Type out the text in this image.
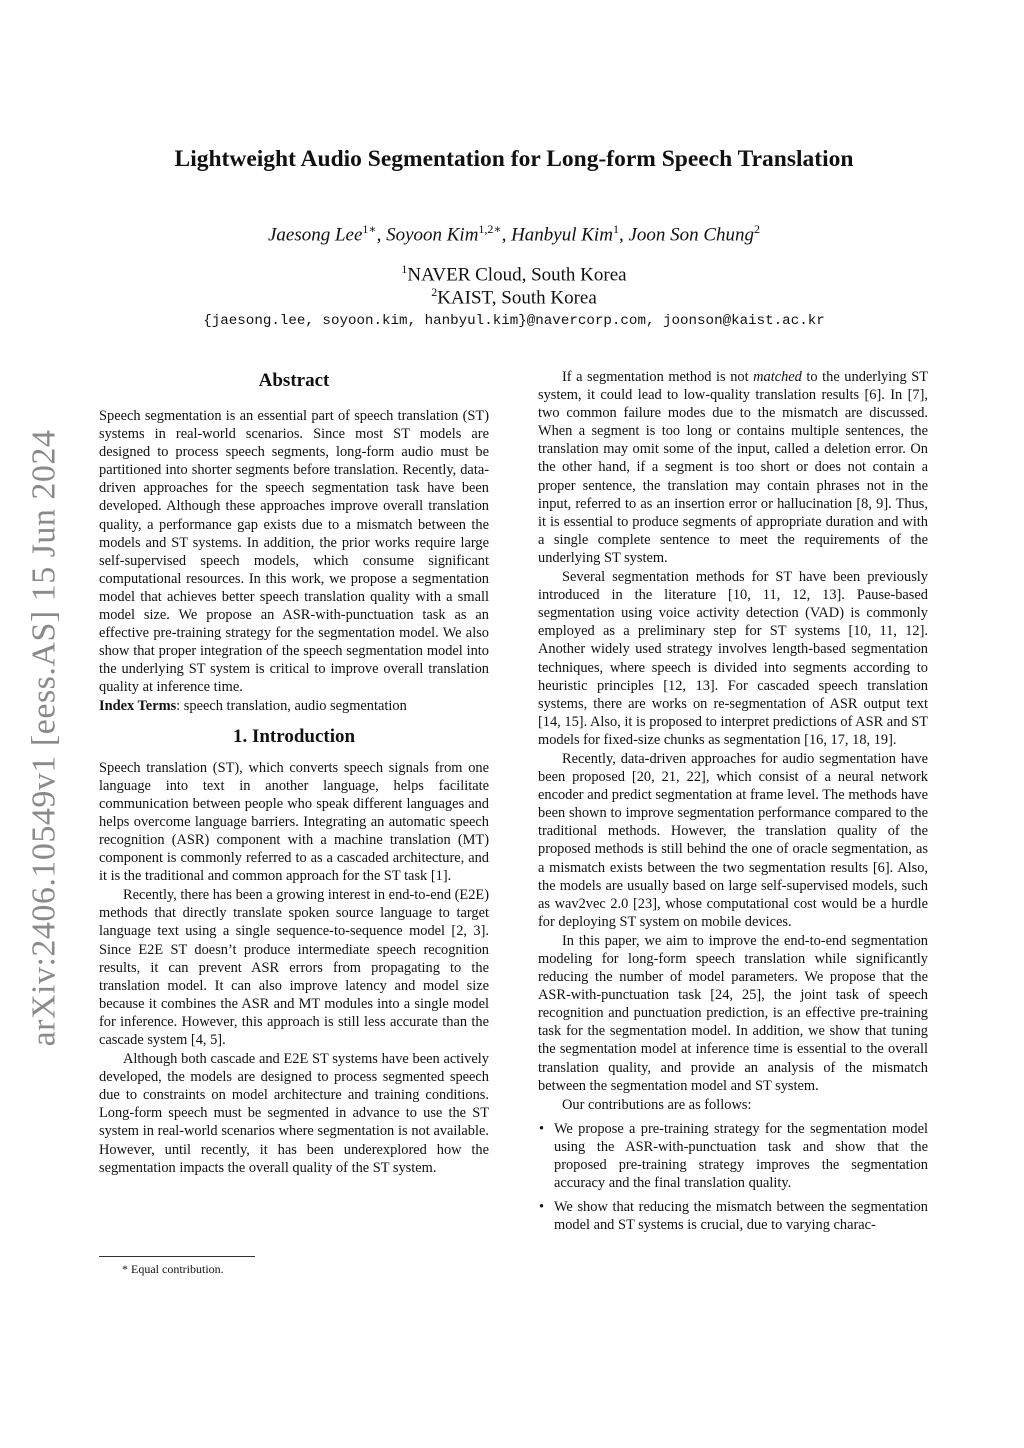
arXiv:2406.10549v1 [eess.AS] 15 Jun 2024
Lightweight Audio Segmentation for Long-form Speech Translation
Jaesong Lee$^{1∗}$, Soyoon Kim$^{1,2∗}$, Hanbyul Kim$^1$, Joon Son Chung$^2$
$^1$NAVER Cloud, South Korea
$^2$KAIST, South Korea
{jaesong.lee, soyoon.kim, hanbyul.kim}@navercorp.com, joonson@kaist.ac.kr
Abstract

Speech segmentation is an essential part of speech translation (ST) systems in real-world scenarios. Since most ST models are designed to process speech segments, long-form audio must be partitioned into shorter segments before translation. Recently, data-driven approaches for the speech segmentation task have been developed. Although these approaches improve overall translation quality, a performance gap exists due to a mismatch between the models and ST systems. In addition, the prior works require large self-supervised speech models, which consume significant computational resources. In this work, we propose a segmentation model that achieves better speech translation quality with a small model size. We propose an ASR-with-punctuation task as an effective pre-training strategy for the segmentation model. We also show that proper integration of the speech segmentation model into the underlying ST system is critical to improve overall translation quality at inference time.

Index Terms: speech translation, audio segmentation

1. Introduction

Speech translation (ST), which converts speech signals from one language into text in another language, helps facilitate communication between people who speak different languages and helps overcome language barriers. Integrating an automatic speech recognition (ASR) component with a machine translation (MT) component is commonly referred to as a cascaded architecture, and it is the traditional and common approach for the ST task [1].

Recently, there has been a growing interest in end-to-end (E2E) methods that directly translate spoken source language to target language text using a single sequence-to-sequence model [2, 3]. Since E2E ST doesn’t produce intermediate speech recognition results, it can prevent ASR errors from propagating to the translation model. It can also improve latency and model size because it combines the ASR and MT modules into a single model for inference. However, this approach is still less accurate than the cascade system [4, 5].

Although both cascade and E2E ST systems have been actively developed, the models are designed to process segmented speech due to constraints on model architecture and training conditions. Long-form speech must be segmented in advance to use the ST system in real-world scenarios where segmentation is not available. However, until recently, it has been underexplored how the segmentation impacts the overall quality of the ST system.

If a segmentation method is not matched to the underlying ST system, it could lead to low-quality translation results [6]. In [7], two common failure modes due to the mismatch are discussed. When a segment is too long or contains multiple sentences, the translation may omit some of the input, called a deletion error. On the other hand, if a segment is too short or does not contain a proper sentence, the translation may contain phrases not in the input, referred to as an insertion error or hallucination [8, 9]. Thus, it is essential to produce segments of appropriate duration and with a single complete sentence to meet the requirements of the underlying ST system.

Several segmentation methods for ST have been previously introduced in the literature [10, 11, 12, 13]. Pause-based segmentation using voice activity detection (VAD) is commonly employed as a preliminary step for ST systems [10, 11, 12]. Another widely used strategy involves length-based segmentation techniques, where speech is divided into segments according to heuristic principles [12, 13]. For cascaded speech translation systems, there are works on re-segmentation of ASR output text [14, 15]. Also, it is proposed to interpret predictions of ASR and ST models for fixed-size chunks as segmentation [16, 17, 18, 19].

Recently, data-driven approaches for audio segmentation have been proposed [20, 21, 22], which consist of a neural network encoder and predict segmentation at frame level. The methods have been shown to improve segmentation performance compared to the traditional methods. However, the translation quality of the proposed methods is still behind the one of oracle segmentation, as a mismatch exists between the two segmentation results [6]. Also, the models are usually based on large self-supervised models, such as wav2vec 2.0 [23], whose computational cost would be a hurdle for deploying ST system on mobile devices.

In this paper, we aim to improve the end-to-end segmentation modeling for long-form speech translation while significantly reducing the number of model parameters. We propose that the ASR-with-punctuation task [24, 25], the joint task of speech recognition and punctuation prediction, is an effective pre-training task for the segmentation model. In addition, we show that tuning the segmentation model at inference time is essential to the overall translation quality, and provide an analysis of the mismatch between the segmentation model and ST system.

Our contributions are as follows:

• We propose a pre-training strategy for the segmentation model using the ASR-with-punctuation task and show that the proposed pre-training strategy improves the segmentation accuracy and the final translation quality.
• We show that reducing the mismatch between the segmentation model and ST systems is crucial, due to varying charac-
* Equal contribution.
